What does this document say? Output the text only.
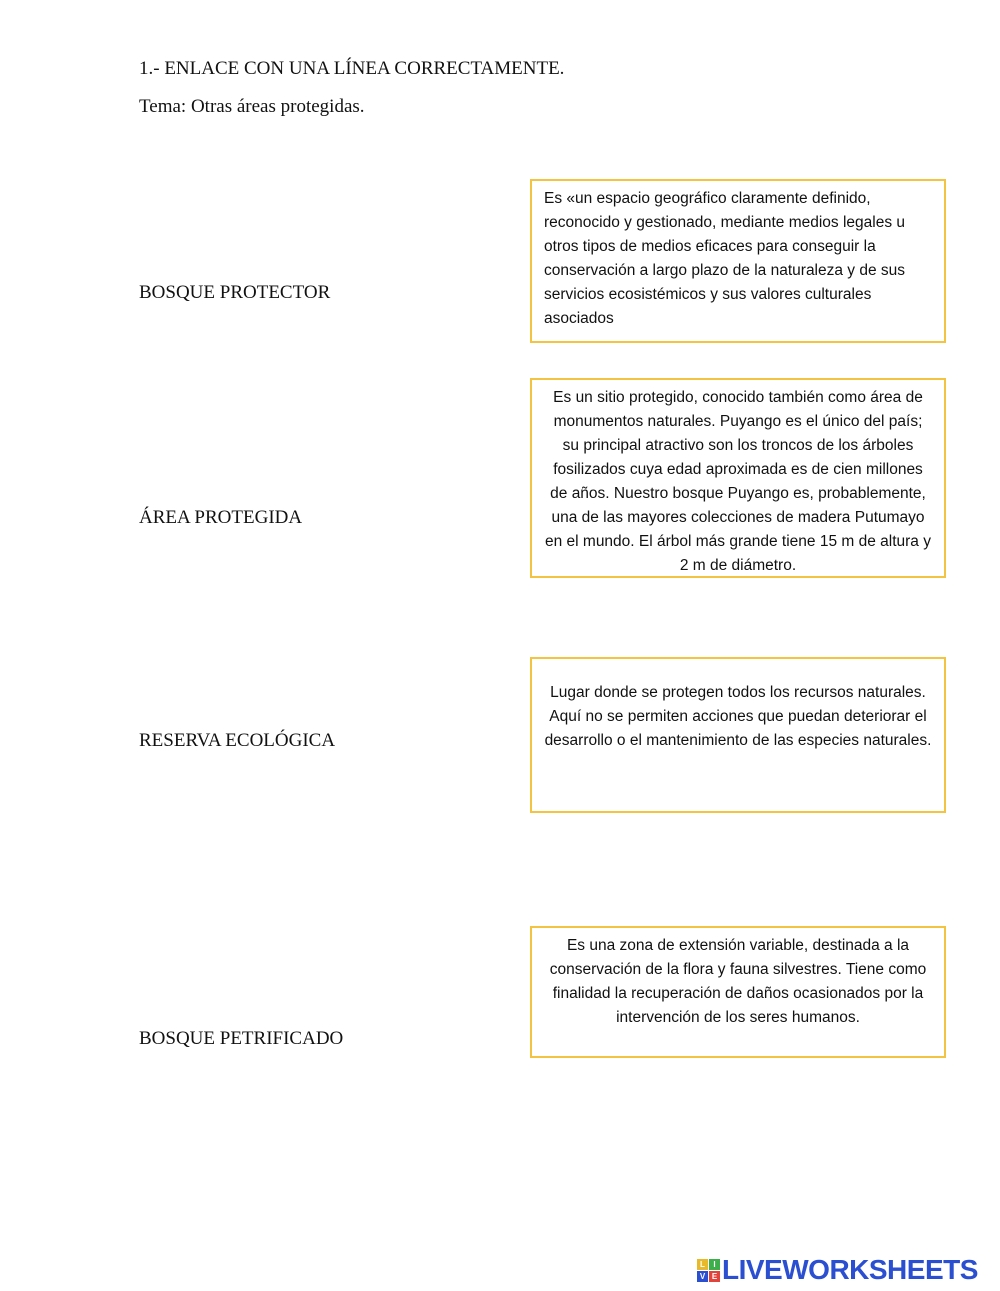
1.- ENLACE CON UNA LÍNEA CORRECTAMENTE.
Tema: Otras áreas protegidas.
BOSQUE PROTECTOR
ÁREA PROTEGIDA
RESERVA ECOLÓGICA
BOSQUE PETRIFICADO
Es «un espacio geográfico claramente definido, reconocido y gestionado, mediante medios legales u otros tipos de medios eficaces para conseguir la conservación a largo plazo de la naturaleza y de sus servicios ecosistémicos y sus valores culturales asociados
Es un sitio protegido, conocido también como área de monumentos naturales. Puyango es el único del país; su principal atractivo son los troncos de los árboles fosilizados cuya edad aproximada es de cien millones de años. Nuestro bosque Puyango es, probablemente, una de las mayores colecciones de madera Putumayo en el mundo. El árbol más grande tiene 15 m de altura y 2 m de diámetro.
Lugar donde se protegen todos los recursos naturales. Aquí no se permiten acciones que puedan deteriorar el desarrollo o el mantenimiento de las especies naturales.
Es una zona de extensión variable, destinada a la conservación de la flora y fauna silvestres. Tiene como finalidad la recuperación de daños ocasionados por la intervención de los seres humanos.
L	I
V E LIVEWORKSHEETS
